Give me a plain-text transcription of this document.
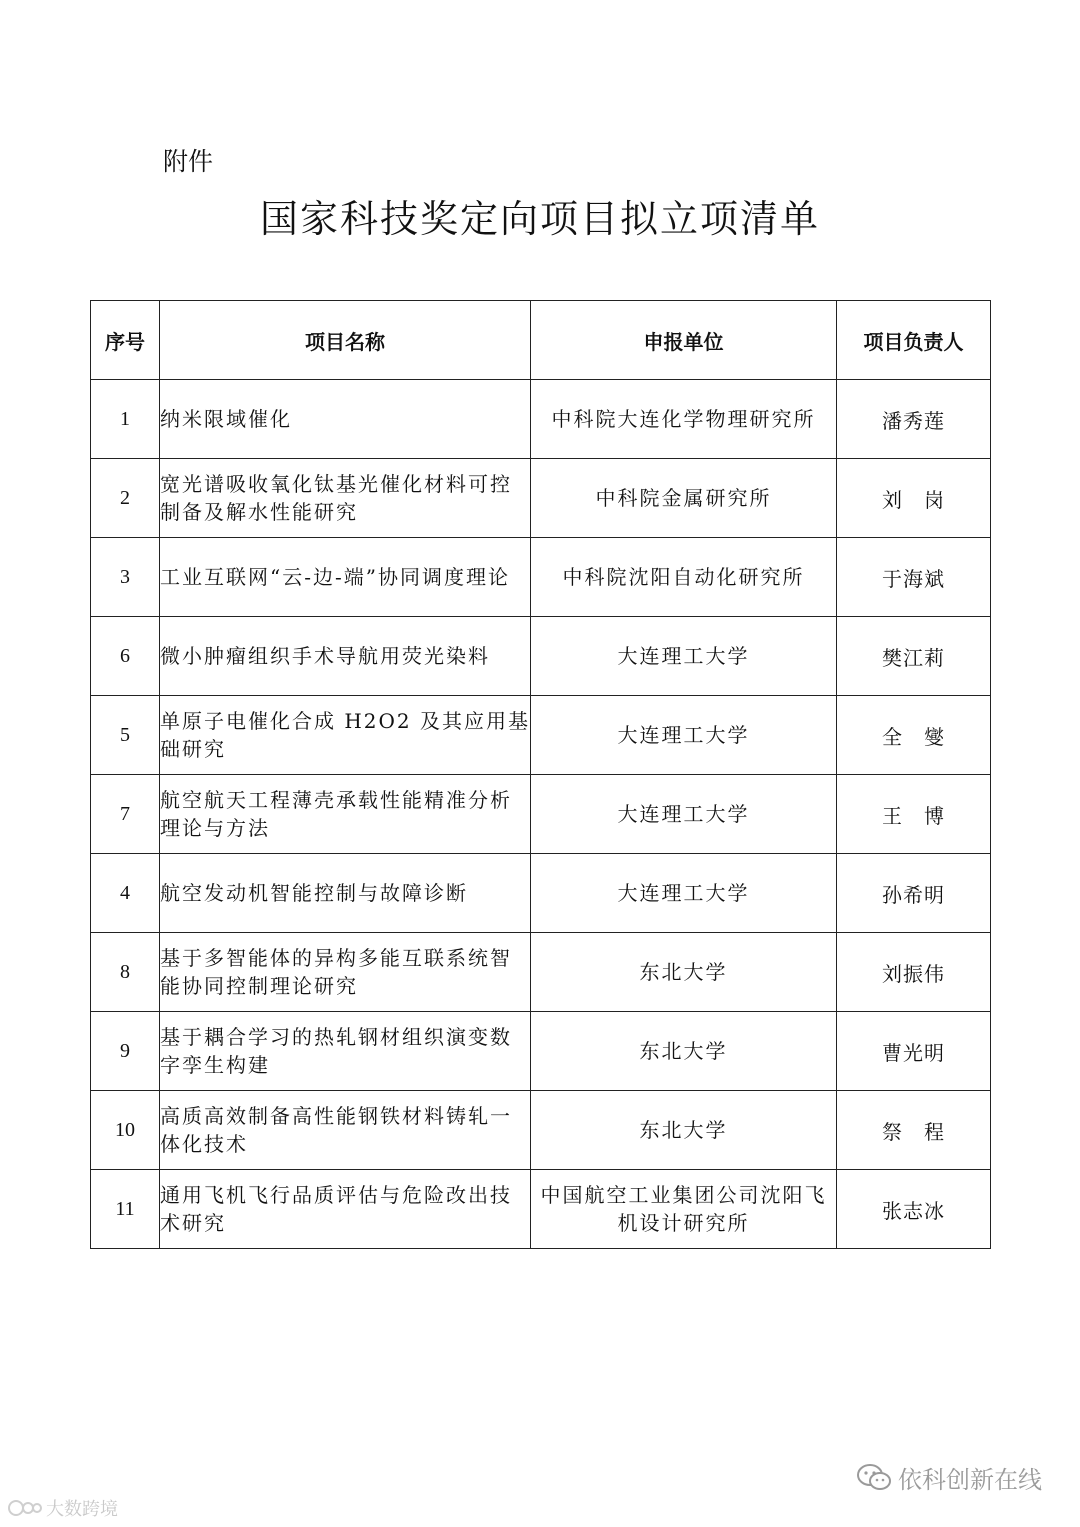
附件
国家科技奖定向项目拟立项清单
序号	项目名称	申报单位	项目负责人
1	纳米限域催化	中科院大连化学物理研究所	潘秀莲
2	宽光谱吸收氧化钛基光催化材料可控制备及解水性能研究	中科院金属研究所	刘　岗
3	工业互联网“云-边-端”协同调度理论	中科院沈阳自动化研究所	于海斌
6	微小肿瘤组织手术导航用荧光染料	大连理工大学	樊江莉
5	单原子电催化合成 H2O2 及其应用基础研究	大连理工大学	全　燮
7	航空航天工程薄壳承载性能精准分析理论与方法	大连理工大学	王　博
4	航空发动机智能控制与故障诊断	大连理工大学	孙希明
8	基于多智能体的异构多能互联系统智能协同控制理论研究	东北大学	刘振伟
9	基于耦合学习的热轧钢材组织演变数字孪生构建	东北大学	曹光明
10	高质高效制备高性能钢铁材料铸轧一体化技术	东北大学	祭　程
11	通用飞机飞行品质评估与危险改出技术研究	中国航空工业集团公司沈阳飞机设计研究所	张志冰
大数跨境
依科创新在线
